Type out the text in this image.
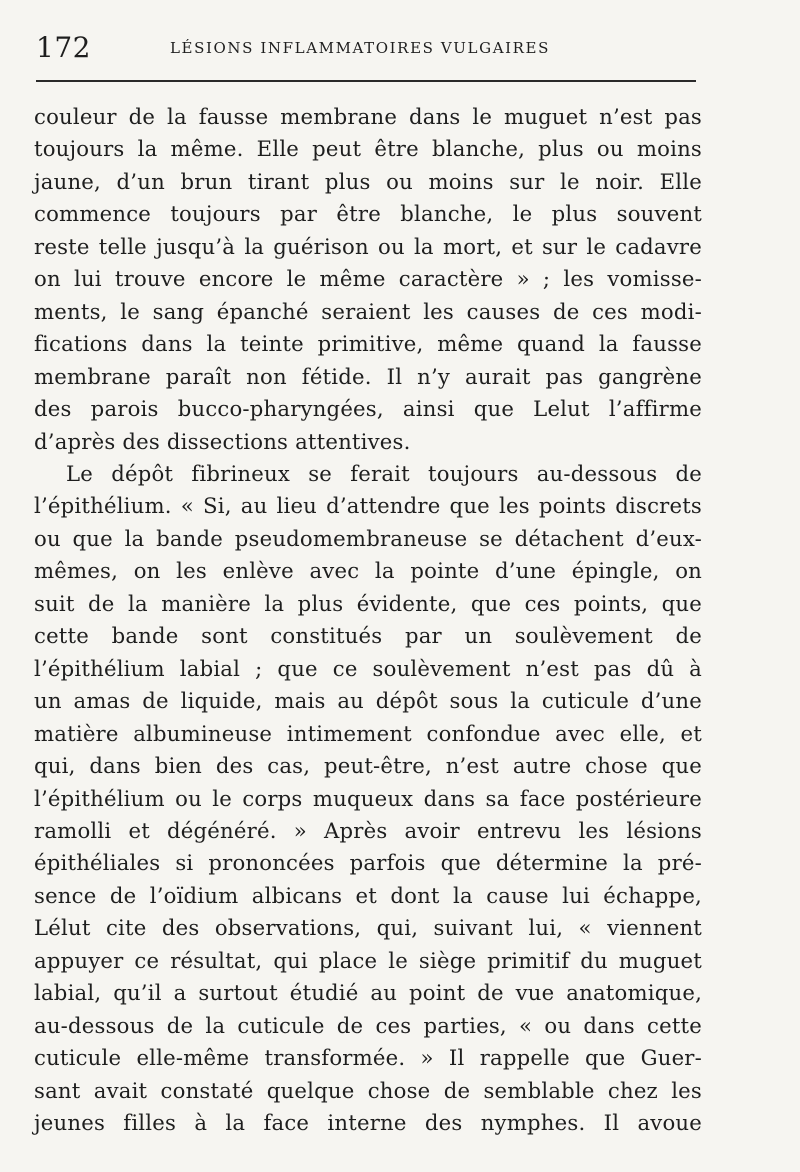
172	LÉSIONS INFLAMMATOIRES VULGAIRES

couleur de la fausse membrane dans le muguet n’est pas
toujours la même. Elle peut être blanche, plus ou moins
jaune, d’un brun tirant plus ou moins sur le noir. Elle
commence toujours par être blanche, le plus souvent
reste telle jusqu’à la guérison ou la mort, et sur le cadavre
on lui trouve encore le même caractère » ; les vomisse-
ments, le sang épanché seraient les causes de ces modi-
fications dans la teinte primitive, même quand la fausse
membrane paraît non fétide. Il n’y aurait pas gangrène
des parois bucco-pharyngées, ainsi que Lelut l’affirme
d’après des dissections attentives.

Le dépôt fibrineux se ferait toujours au-dessous de
l’épithélium. « Si, au lieu d’attendre que les points discrets
ou que la bande pseudomembraneuse se détachent d’eux-
mêmes, on les enlève avec la pointe d’une épingle, on
suit de la manière la plus évidente, que ces points, que
cette bande sont constitués par un soulèvement de
l’épithélium labial ; que ce soulèvement n’est pas dû à
un amas de liquide, mais au dépôt sous la cuticule d’une
matière albumineuse intimement confondue avec elle, et
qui, dans bien des cas, peut-être, n’est autre chose que
l’épithélium ou le corps muqueux dans sa face postérieure
ramolli et dégénéré. » Après avoir entrevu les lésions
épithéliales si prononcées parfois que détermine la pré-
sence de l’oïdium albicans et dont la cause lui échappe,
Lélut cite des observations, qui, suivant lui, « viennent
appuyer ce résultat, qui place le siège primitif du muguet
labial, qu’il a surtout étudié au point de vue anatomique,
au-dessous de la cuticule de ces parties, « ou dans cette
cuticule elle-même transformée. » Il rappelle que Guer-
sant avait constaté quelque chose de semblable chez les
jeunes filles à la face interne des nymphes. Il avoue
